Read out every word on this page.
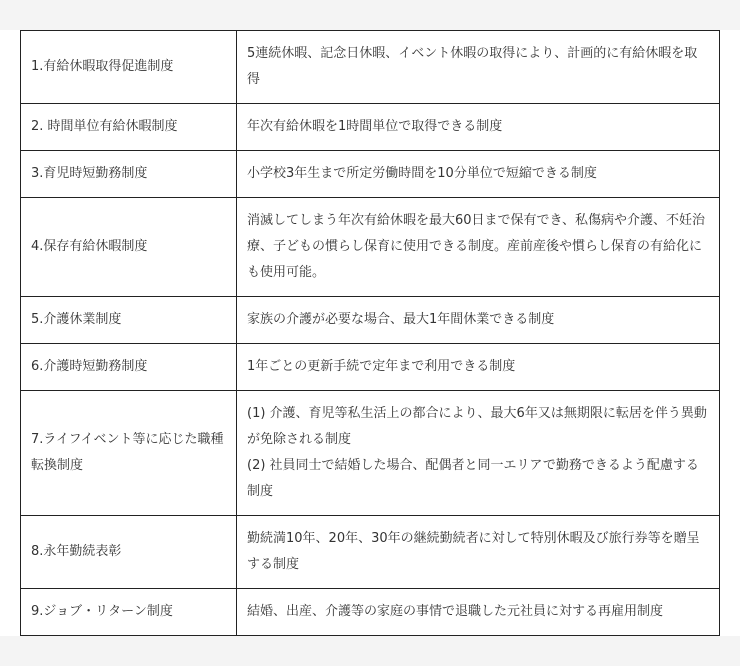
1.有給休暇取得促進制度	5連続休暇、記念日休暇、イベント休暇の取得により、計画的に有給休暇を取得

2. 時間単位有給休暇制度	年次有給休暇を1時間単位で取得できる制度

3.育児時短勤務制度	小学校3年生まで所定労働時間を10分単位で短縮できる制度

4.保存有給休暇制度	消滅してしまう年次有給休暇を最大60日まで保有でき、私傷病や介護、不妊治療、子どもの慣らし保育に使用できる制度。産前産後や慣らし保育の有給化にも使用可能。

5.介護休業制度	家族の介護が必要な場合、最大1年間休業できる制度

6.介護時短勤務制度	1年ごとの更新手続で定年まで利用できる制度

7.ライフイベント等に応じた職種転換制度	(1) 介護、育児等私生活上の都合により、最大6年又は無期限に転居を伴う異動が免除される制度
(2) 社員同士で結婚した場合、配偶者と同一エリアで勤務できるよう配慮する制度

8.永年勤続表彰	勤続満10年、20年、30年の継続勤続者に対して特別休暇及び旅行券等を贈呈する制度

9.ジョブ・リターン制度	結婚、出産、介護等の家庭の事情で退職した元社員に対する再雇用制度
